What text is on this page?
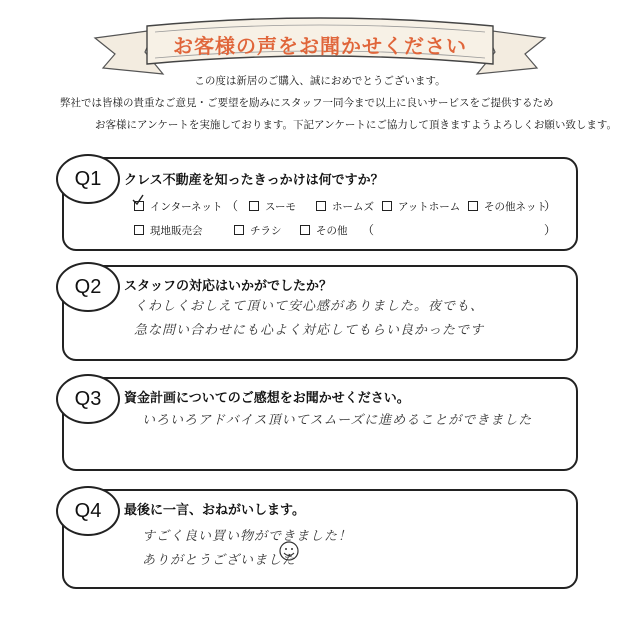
お客様の声をお聞かせください
この度は新居のご購入、誠におめでとうございます。
弊社では皆様の貴重なご意見・ご要望を励みにスタッフ一同今まで以上に良いサービスをご提供するため
お客様にアンケートを実施しております。下記アンケートにご協力して頂きますようよろしくお願い致します。
クレス不動産を知ったきっかけは何ですか？
インターネット （	スーモ	ホームズ	アットホーム	その他ネット
）
現地販売会	チラシ	その他 （	）
Q1
スタッフの対応はいかがでしたか？
くわしくおしえて頂いて安心感がありました。夜でも、
急な問い合わせにも心よく対応してもらい良かったです
Q2
資金計画についてのご感想をお聞かせください。
いろいろアドバイス頂いてスムーズに進めることができました
Q3
最後に一言、おねがいします。
すごく良い買い物ができました！
ありがとうございました
Q4
